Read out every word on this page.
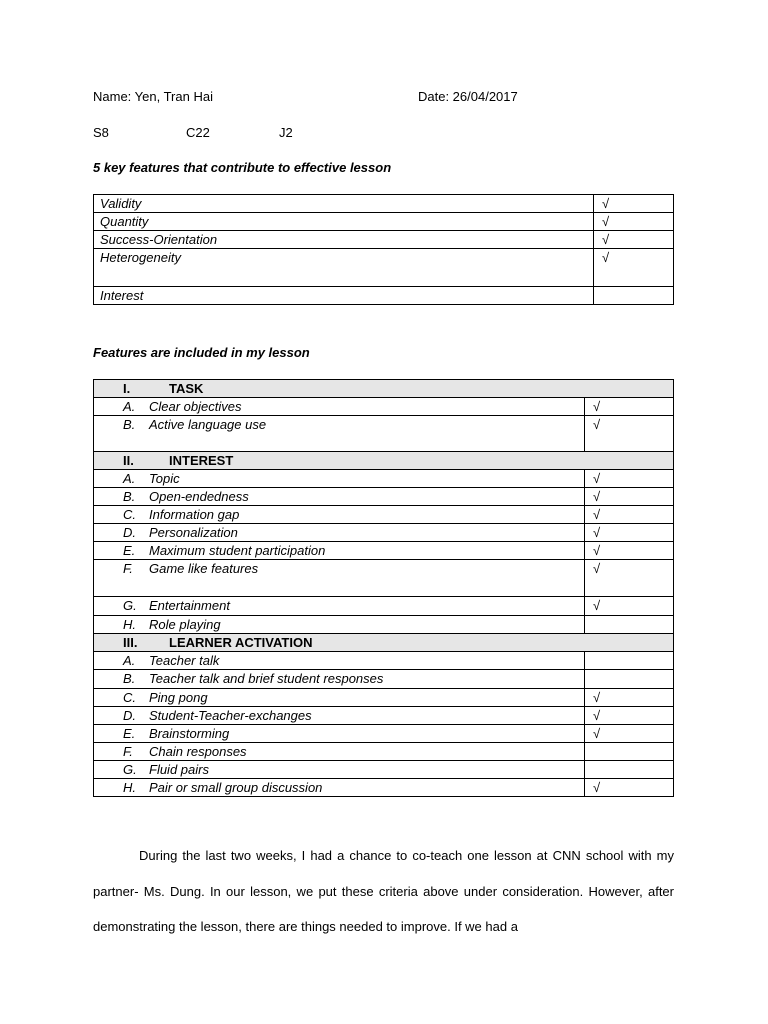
Name: Yen, Tran Hai	Date: 26/04/2017
S8	C22	J2
5 key features that contribute to effective lesson
Validity	√
Quantity	√
Success-Orientation	√
Heterogeneity	√
Interest	
Features are included in my lesson
I. TASK	
A. Clear objectives	√
B. Active language use	√
II. INTEREST	
A. Topic	√
B. Open-endedness	√
C. Information gap	√
D. Personalization	√
E. Maximum student participation	√
F. Game like features	√
G. Entertainment	√
H. Role playing	
III. LEARNER ACTIVATION	
A. Teacher talk	
B. Teacher talk and brief student responses	
C. Ping pong	√
D. Student-Teacher-exchanges	√
E. Brainstorming	√
F. Chain responses	
G. Fluid pairs	
H. Pair or small group discussion	√
During the last two weeks, I had a chance to co-teach one lesson at CNN school with my partner- Ms. Dung. In our lesson, we put these criteria above under consideration. However, after demonstrating the lesson, there are things needed to improve. If we had a
